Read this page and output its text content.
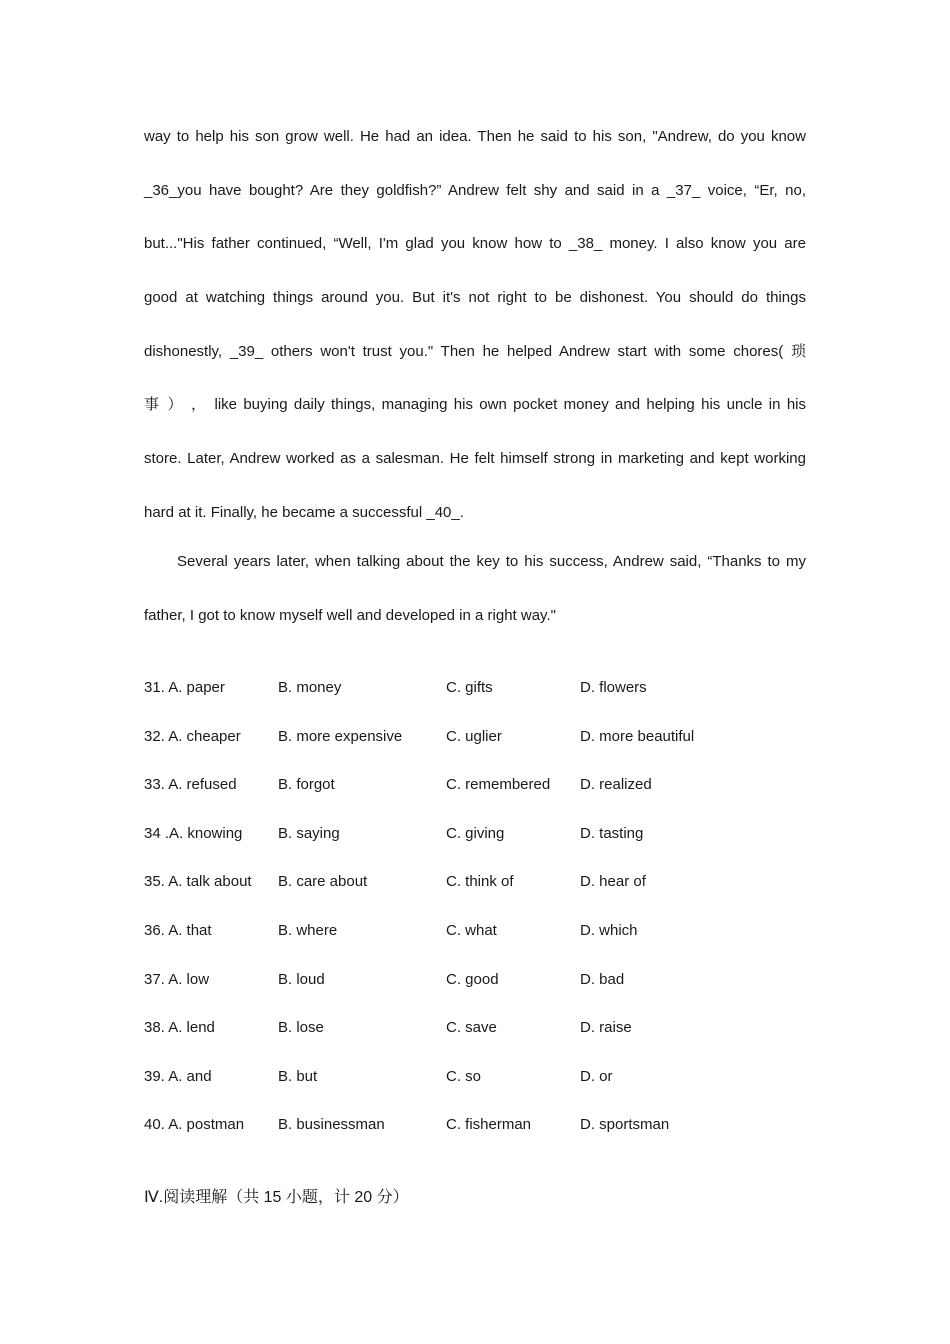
way to help his son grow well. He had an idea. Then he said to his son, "Andrew, do you know
_36_you have bought? Are they goldfish?” Andrew felt shy and said in a _37_ voice, “Er, no,
but..."His father continued, “Well, I'm glad you know how to _38_ money. I also know you are
good at watching things around you. But it's not right to be dishonest. You should do things
dishonestly, _39_ others won't trust you." Then he helped Andrew start with some chores( 琐
事 ） ， like buying daily things, managing his own pocket money and helping his uncle in his
store. Later, Andrew worked as a salesman. He felt himself strong in marketing and kept working
hard at it. Finally, he became a successful _40_.
Several years later, when talking about the key to his success, Andrew said, “Thanks to my
father, I got to know myself well and developed in a right way."
31. A. paper	B. money	C. gifts	D. flowers
32. A. cheaper B. more expensive	C. uglier	D. more beautiful
33. A. refused	B. forgot	C. remembered D. realized
34 .A. knowing B. saying	C. giving	D. tasting
35. A. talk about B. care about	C. think of	D. hear of
36. A. that	B. where	C. what	D. which
37. A. low	B. loud	C. good	D. bad
38. A. lend	B. lose	C. save	D. raise
39. A. and	B. but	C. so	D. or
40. A. postman B. businessman	C. fisherman	D. sportsman
Ⅳ.阅读理解（共 15 小题，计 20 分）
